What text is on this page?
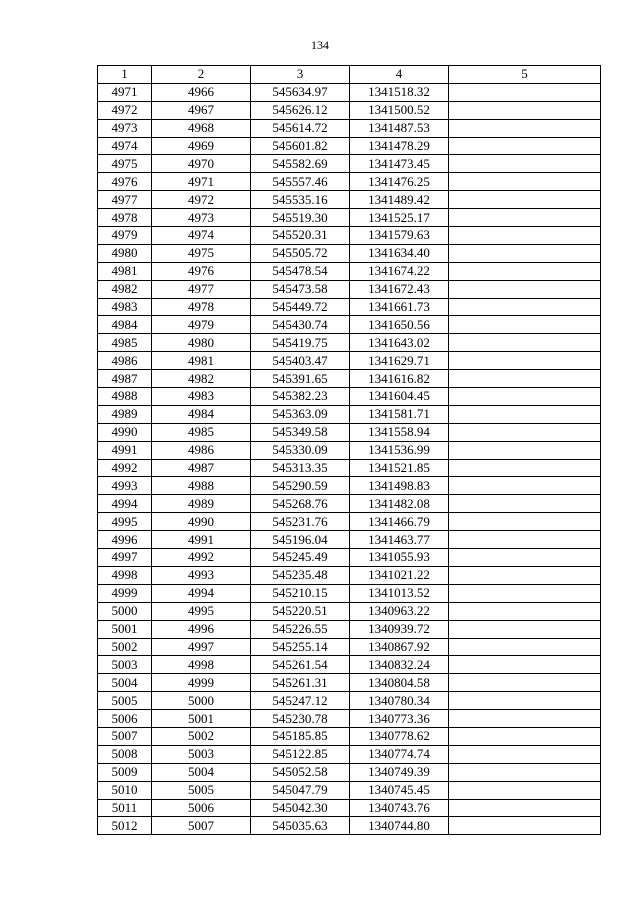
134
1	2	3	4	5
4971	4966	545634.97	1341518.32	
4972	4967	545626.12	1341500.52	
4973	4968	545614.72	1341487.53	
4974	4969	545601.82	1341478.29	
4975	4970	545582.69	1341473.45	
4976	4971	545557.46	1341476.25	
4977	4972	545535.16	1341489.42	
4978	4973	545519.30	1341525.17	
4979	4974	545520.31	1341579.63	
4980	4975	545505.72	1341634.40	
4981	4976	545478.54	1341674.22	
4982	4977	545473.58	1341672.43	
4983	4978	545449.72	1341661.73	
4984	4979	545430.74	1341650.56	
4985	4980	545419.75	1341643.02	
4986	4981	545403.47	1341629.71	
4987	4982	545391.65	1341616.82	
4988	4983	545382.23	1341604.45	
4989	4984	545363.09	1341581.71	
4990	4985	545349.58	1341558.94	
4991	4986	545330.09	1341536.99	
4992	4987	545313.35	1341521.85	
4993	4988	545290.59	1341498.83	
4994	4989	545268.76	1341482.08	
4995	4990	545231.76	1341466.79	
4996	4991	545196.04	1341463.77	
4997	4992	545245.49	1341055.93	
4998	4993	545235.48	1341021.22	
4999	4994	545210.15	1341013.52	
5000	4995	545220.51	1340963.22	
5001	4996	545226.55	1340939.72	
5002	4997	545255.14	1340867.92	
5003	4998	545261.54	1340832.24	
5004	4999	545261.31	1340804.58	
5005	5000	545247.12	1340780.34	
5006	5001	545230.78	1340773.36	
5007	5002	545185.85	1340778.62	
5008	5003	545122.85	1340774.74	
5009	5004	545052.58	1340749.39	
5010	5005	545047.79	1340745.45	
5011	5006	545042.30	1340743.76	
5012	5007	545035.63	1340744.80	
